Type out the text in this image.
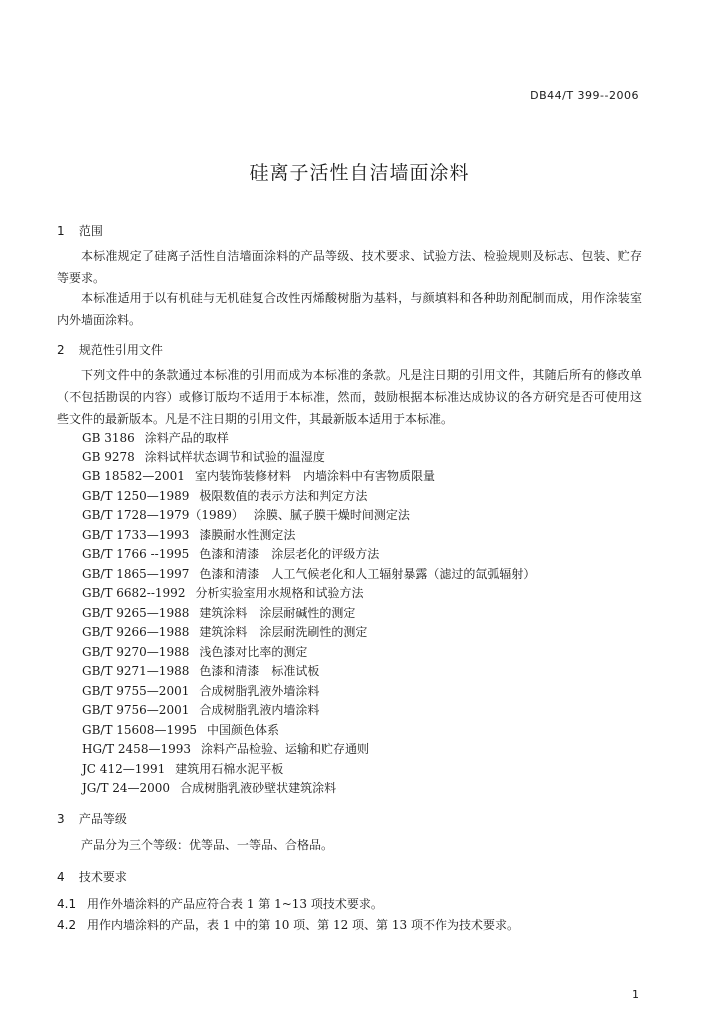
DB44/T 399--2006
硅离子活性自洁墙面涂料
1 范围
本标准规定了硅离子活性自洁墙面涂料的产品等级、技术要求、试验方法、检验规则及标志、包装、贮存等要求。
本标准适用于以有机硅与无机硅复合改性丙烯酸树脂为基料，与颜填料和各种助剂配制而成，用作涂装室内外墙面涂料。
2 规范性引用文件
下列文件中的条款通过本标准的引用而成为本标准的条款。凡是注日期的引用文件，其随后所有的修改单（不包括勘误的内容）或修订版均不适用于本标准，然而，鼓励根据本标准达成协议的各方研究是否可使用这些文件的最新版本。凡是不注日期的引用文件，其最新版本适用于本标准。
GB 3186 涂料产品的取样
GB 9278 涂料试样状态调节和试验的温湿度
GB 18582—2001 室内装饰装修材料　内墙涂料中有害物质限量
GB/T 1250—1989 极限数值的表示方法和判定方法
GB/T 1728—1979（1989） 涂膜、腻子膜干燥时间测定法
GB/T 1733—1993 漆膜耐水性测定法
GB/T 1766 --1995 色漆和清漆　涂层老化的评级方法
GB/T 1865—1997 色漆和清漆　人工气候老化和人工辐射暴露（滤过的氙弧辐射）
GB/T 6682--1992 分析实验室用水规格和试验方法
GB/T 9265—1988 建筑涂料　涂层耐碱性的测定
GB/T 9266—1988 建筑涂料　涂层耐洗刷性的测定
GB/T 9270—1988 浅色漆对比率的测定
GB/T 9271—1988 色漆和清漆　标准试板
GB/T 9755—2001 合成树脂乳液外墙涂料
GB/T 9756—2001 合成树脂乳液内墙涂料
GB/T 15608—1995 中国颜色体系
HG/T 2458—1993 涂料产品检验、运输和贮存通则
JC 412—1991 建筑用石棉水泥平板
JG/T 24—2000 合成树脂乳液砂壁状建筑涂料
3 产品等级
产品分为三个等级：优等品、一等品、合格品。
4 技术要求
4.1 用作外墙涂料的产品应符合表 1 第 1~13 项技术要求。
4.2 用作内墙涂料的产品，表 1 中的第 10 项、第 12 项、第 13 项不作为技术要求。
1
